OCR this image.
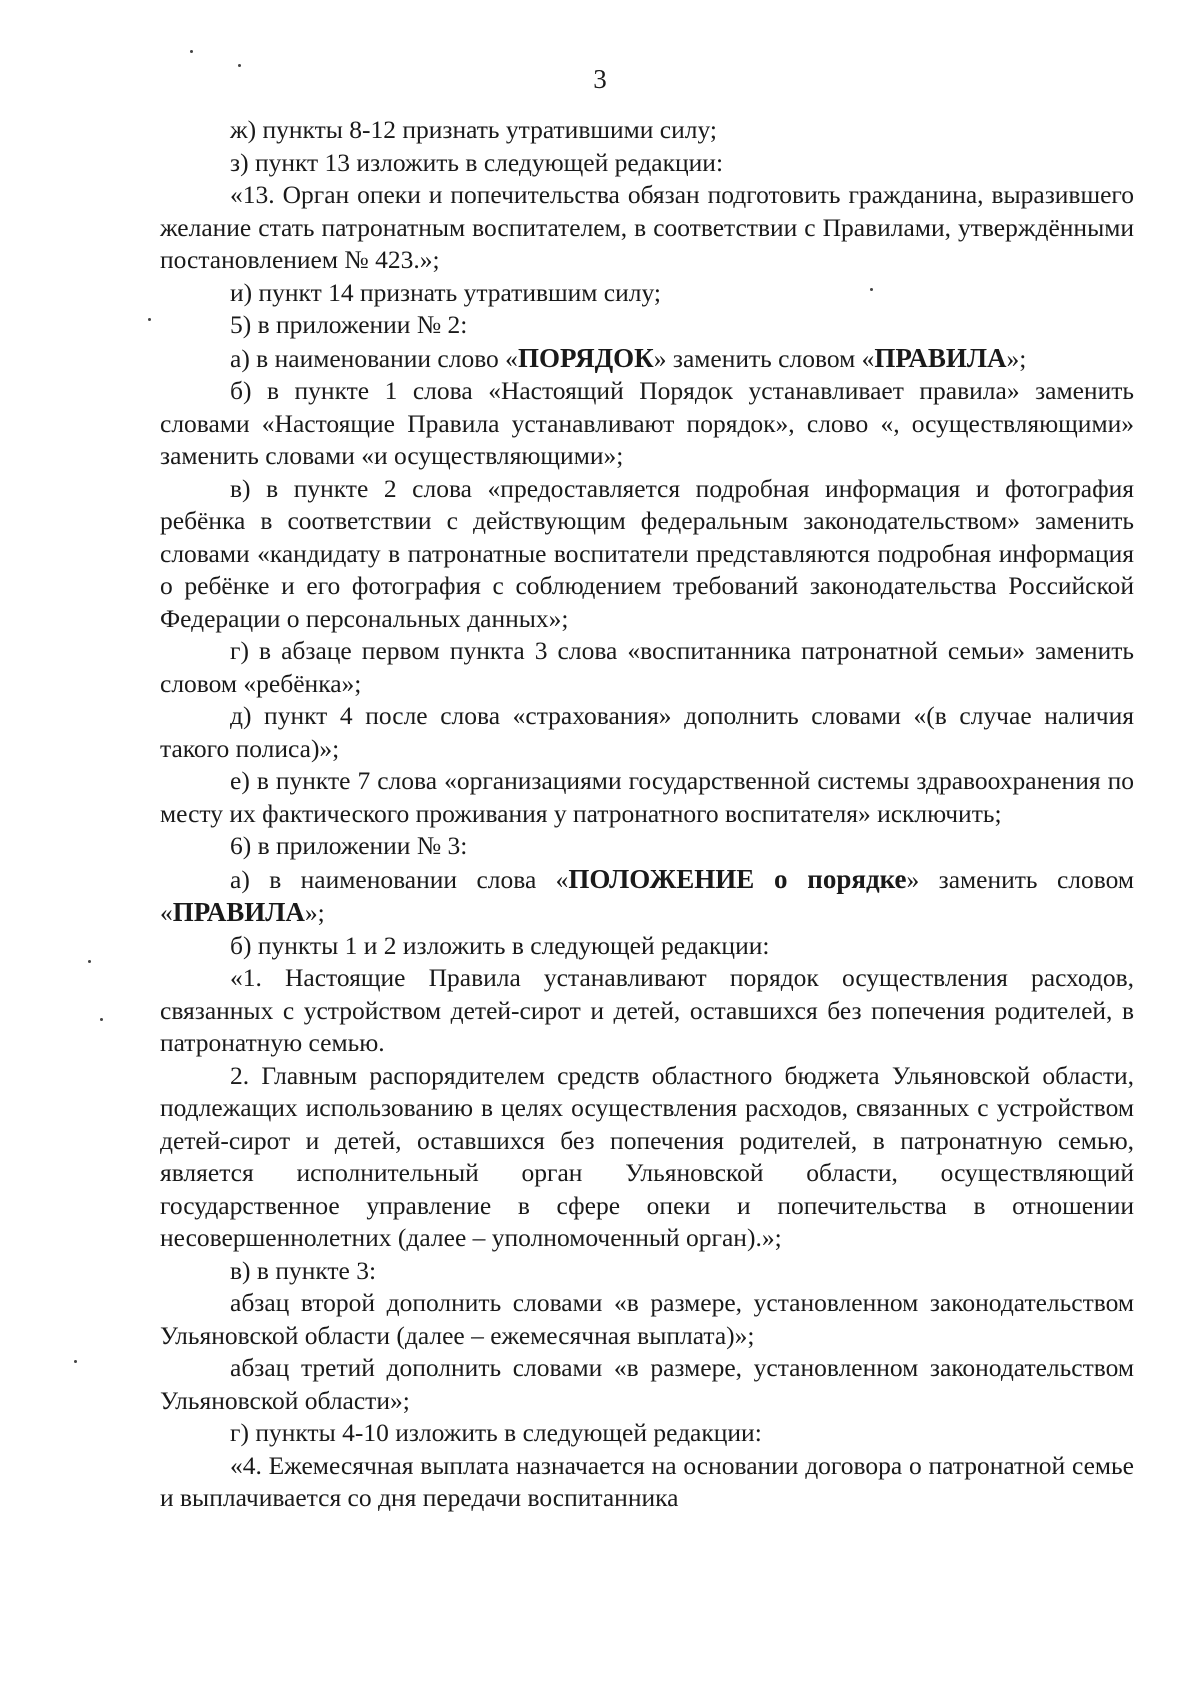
3

ж) пункты 8-12 признать утратившими силу;

з) пункт 13 изложить в следующей редакции:

«13. Орган опеки и попечительства обязан подготовить гражданина, выразившего желание стать патронатным воспитателем, в соответствии с Правилами, утверждёнными постановлением № 423.»;

и) пункт 14 признать утратившим силу;

5) в приложении № 2:

а) в наименовании слово «ПОРЯДОК» заменить словом «ПРАВИЛА»;

б) в пункте 1 слова «Настоящий Порядок устанавливает правила» заменить словами «Настоящие Правила устанавливают порядок», слово «, осуществляющими» заменить словами «и осуществляющими»;

в) в пункте 2 слова «предоставляется подробная информация и фотография ребёнка в соответствии с действующим федеральным законодательством» заменить словами «кандидату в патронатные воспитатели представляются подробная информация о ребёнке и его фотография с соблюдением требований законодательства Российской Федерации о персональных данных»;

г) в абзаце первом пункта 3 слова «воспитанника патронатной семьи» заменить словом «ребёнка»;

д) пункт 4 после слова «страхования» дополнить словами «(в случае наличия такого полиса)»;

е) в пункте 7 слова «организациями государственной системы здравоохранения по месту их фактического проживания у патронатного воспитателя» исключить;

6) в приложении № 3:

а) в наименовании слова «ПОЛОЖЕНИЕ о порядке» заменить словом «ПРАВИЛА»;

б) пункты 1 и 2 изложить в следующей редакции:

«1. Настоящие Правила устанавливают порядок осуществления расходов, связанных с устройством детей-сирот и детей, оставшихся без попечения родителей, в патронатную семью.

2. Главным распорядителем средств областного бюджета Ульяновской области, подлежащих использованию в целях осуществления расходов, связанных с устройством детей-сирот и детей, оставшихся без попечения родителей, в патронатную семью, является исполнительный орган Ульяновской области, осуществляющий государственное управление в сфере опеки и попечительства в отношении несовершеннолетних (далее – уполномоченный орган).»;

в) в пункте 3:

абзац второй дополнить словами «в размере, установленном законодательством Ульяновской области (далее – ежемесячная выплата)»;

абзац третий дополнить словами «в размере, установленном законодательством Ульяновской области»;

г) пункты 4-10 изложить в следующей редакции:

«4. Ежемесячная выплата назначается на основании договора о патронатной семье и выплачивается со дня передачи воспитанника
